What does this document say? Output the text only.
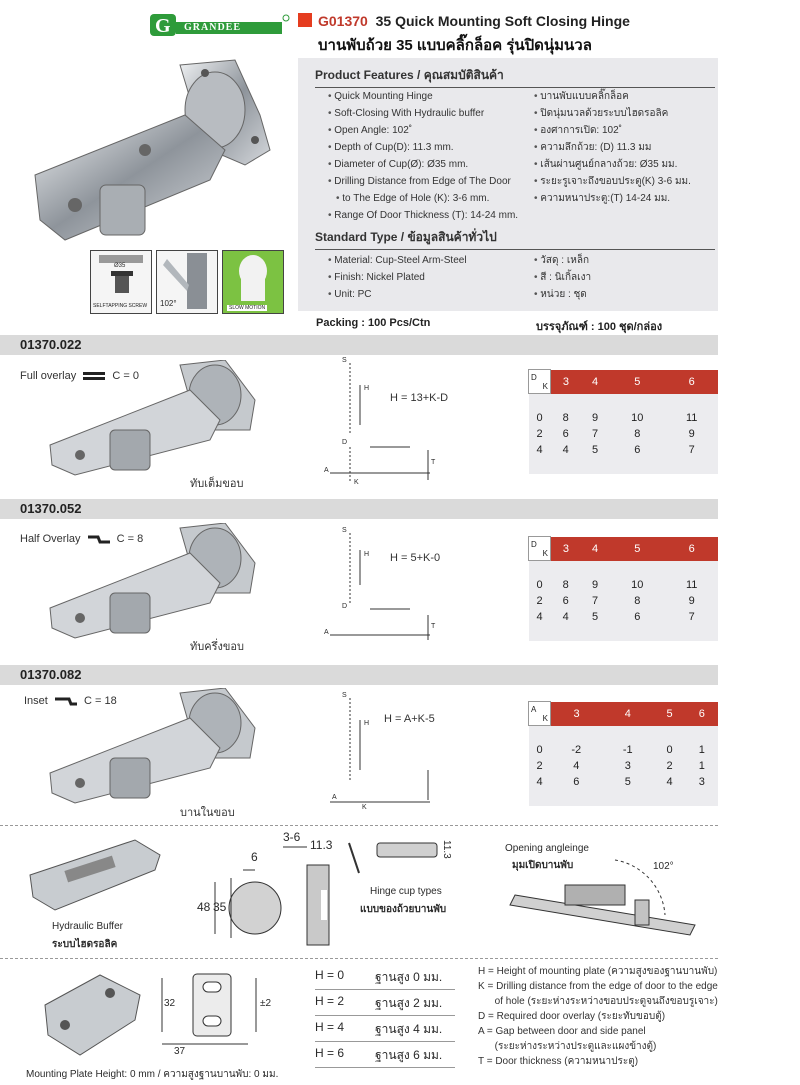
G GRANDEE	G01370 35 Quick Mounting Soft Closing Hinge
บานพับถ้วย 35 แบบคลิ๊กล็อค รุ่นปิดนุ่มนวล
Ø35
SELFTAPPING SCREW 102°	SLOW MOTION
Product Features / คุณสมบัติสินค้า
• Quick Mounting Hinge
• Soft-Closing With Hydraulic buffer
• Open Angle: 102˚
• Depth of Cup(D): 11.3 mm.
• Diameter of Cup(Ø): Ø35 mm.
• Drilling Distance from Edge of The Door
• to The Edge of Hole (K): 3-6 mm.
• Range Of Door Thickness (T): 14-24 mm.
• บานพับแบบคลิ๊กล็อค
• ปิดนุ่มนวลด้วยระบบไฮดรอลิค
• องศาการเปิด: 102˚
• ความลึกถ้วย: (D) 11.3 มม
• เส้นผ่านศูนย์กลางถ้วย: Ø35 มม.
• ระยะรูเจาะถึงขอบประตู(K) 3-6 มม.
• ความหนาประตู:(T) 14-24 มม.
Standard Type / ข้อมูลสินค้าทั่วไป
• Material: Cup-Steel Arm-Steel
• Finish: Nickel Plated
• Unit: PC
• วัสดุ : เหล็ก
• สี : นิเกิ้ลเงา
• หน่วย : ชุด
Packing : 100 Pcs/Ctn	บรรจุภัณฑ์ : 100 ชุด/กล่อง
01370.022
Full overlay	C = 0
ทับเต็มขอบ
S
H
D
A
K
T
H = 13+K-D
D
K	3	4	5	6

0	8	9	10	11
2	6	7	8	9
4	4	5	6	7

01370.052
Half Overlay	C = 8
ทับครึ่งขอบ
S
H
D
A
T
H = 5+K-0
D
K	3	4	5	6

0	8	9	10	11
2	6	7	8	9
4	4	5	6	7

01370.082
Inset	C = 18
บานในขอบ
S
H
A
K
H = A+K-5
A
K	3	4	5	6

0	-2	-1	0	1
2	4	3	2	1
4	6	5	4	3

Hydraulic Buffer
ระบบไฮดรอลิค
6
35
48
3-6
11.3	11.3
Hinge cup types
แบบของถ้วยบานพับ
Opening angleinge
มุมเปิดบานพับ	102°
Mounting Plate Height: 0 mm / ความสูงฐานบานพับ: 0 มม.
32	±2
37
H = 0	ฐานสูง 0 มม.
H = 2	ฐานสูง 2 มม.
H = 4	ฐานสูง 4 มม.
H = 6	ฐานสูง 6 มม.
H = Height of mounting plate (ความสูงของฐานบานพับ)
K = Drilling distance from the edge of door to the edge
of hole (ระยะห่างระหว่างขอบประตูจนถึงขอบรูเจาะ)
D = Required door overlay (ระยะทับขอบตู้)
A = Gap between door and side panel
(ระยะห่างระหว่างประตูและแผงข้างตู้)
T = Door thickness (ความหนาประตู)
